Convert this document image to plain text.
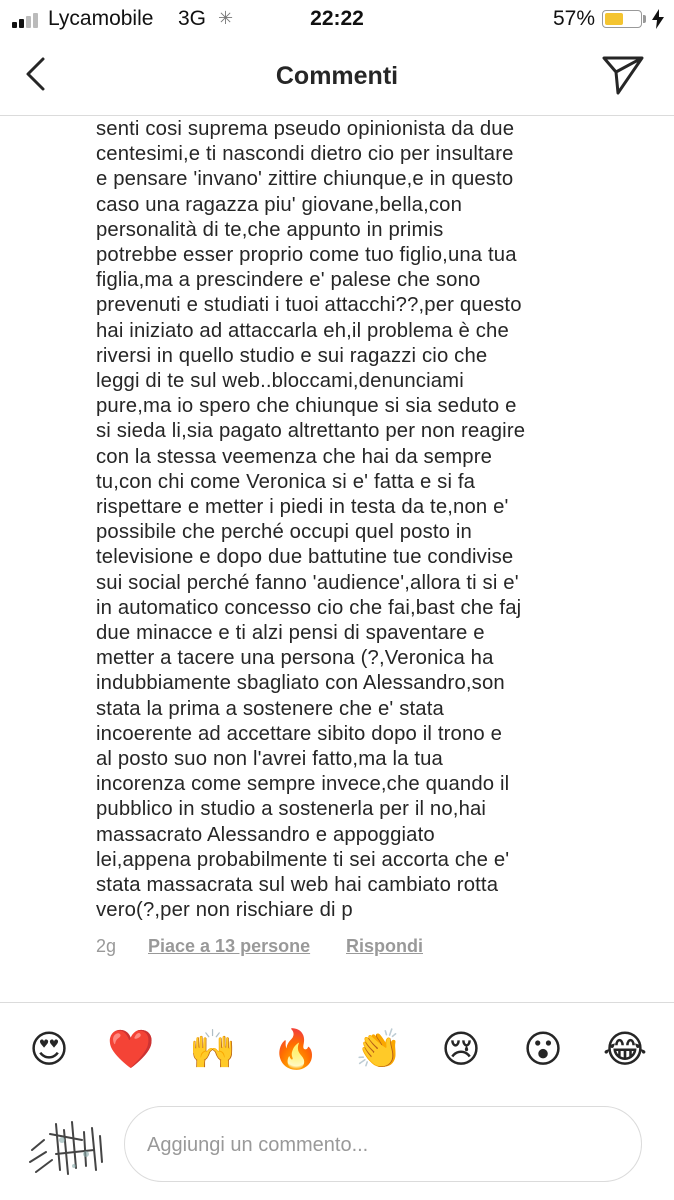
Lycamobile 3G ✳	22:22	57%
Commenti
senti cosi suprema pseudo opinionista da due
centesimi,e ti nascondi dietro cio per insultare
e pensare 'invano' zittire chiunque,e in questo
caso una ragazza piu' giovane,bella,con
personalità di te,che appunto in primis
potrebbe esser proprio come tuo figlio,una tua
figlia,ma a prescindere e' palese che sono
prevenuti e studiati i tuoi attacchi??,per questo
hai iniziato ad attaccarla eh,il problema è che
riversi in quello studio e sui ragazzi cio che
leggi di te sul web..bloccami,denunciami
pure,ma io spero che chiunque si sia seduto e
si sieda li,sia pagato altrettanto per non reagire
con la stessa veemenza che hai da sempre
tu,con chi come Veronica si e' fatta e si fa
rispettare e metter i piedi in testa da te,non e'
possibile che perché occupi quel posto in
televisione e dopo due battutine tue condivise
sui social perché fanno 'audience',allora ti si e'
in automatico concesso cio che fai,bast che faj
due minacce e ti alzi pensi di spaventare e
metter a tacere una persona (?,Veronica ha
indubbiamente sbagliato con Alessandro,son
stata la prima a sostenere che e' stata
incoerente ad accettare sibito dopo il trono e
al posto suo non l'avrei fatto,ma la tua
incorenza come sempre invece,che quando il
pubblico in studio a sostenerla per il no,hai
massacrato Alessandro e appoggiato
lei,appena probabilmente ti sei accorta che e'
stata massacrata sul web hai cambiato rotta
vero(?,per non rischiare di p
2g Piace a 13 persone Rispondi
😍 ❤️ 🙌 🔥 👏 😢 😮 😂
Aggiungi un commento...
